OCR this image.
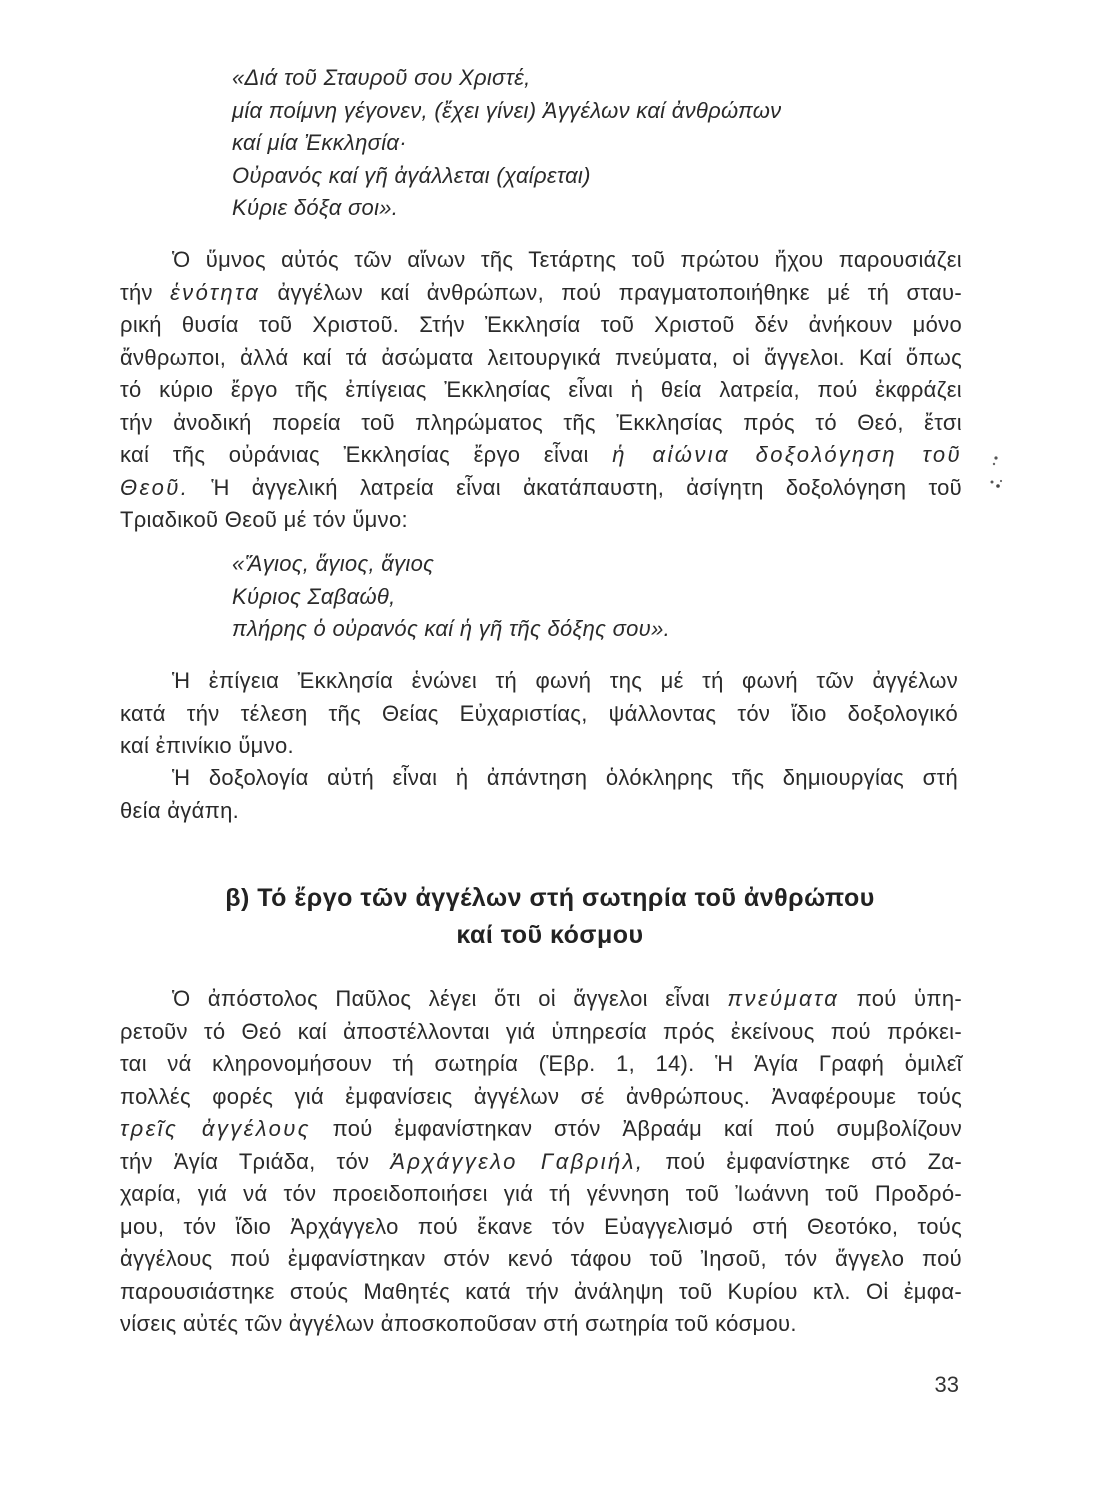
«Διά τοῦ Σταυροῦ σου Χριστέ,
μία ποίμνη γέγονεν, (ἔχει γίνει) Ἀγγέλων καί ἀνθρώπων
καί μία Ἐκκλησία·
Οὐρανός καί γῆ ἀγάλλεται (χαίρεται)
Κύριε δόξα σοι».
Ὁ ὕμνος αὐτός τῶν αἴνων τῆς Τετάρτης τοῦ πρώτου ἤχου παρουσιάζει
τήν ἑνότητα ἀγγέλων καί ἀνθρώπων, πού πραγματοποιήθηκε μέ τή σταυ-
ρική θυσία τοῦ Χριστοῦ. Στήν Ἐκκλησία τοῦ Χριστοῦ δέν ἀνήκουν μόνο
ἄνθρωποι, ἀλλά καί τά ἀσώματα λειτουργικά πνεύματα, οἱ ἄγγελοι. Καί ὅπως
τό κύριο ἔργο τῆς ἐπίγειας Ἐκκλησίας εἶναι ἡ θεία λατρεία, πού ἐκφράζει
τήν ἀνοδική πορεία τοῦ πληρώματος τῆς Ἐκκλησίας πρός τό Θεό, ἔτσι
καί τῆς οὐράνιας Ἐκκλησίας ἔργο εἶναι ἡ αἰώνια δοξολόγηση τοῦ
Θεοῦ. Ἡ ἀγγελική λατρεία εἶναι ἀκατάπαυστη, ἀσίγητη δοξολόγηση τοῦ
Τριαδικοῦ Θεοῦ μέ τόν ὕμνο:
«Ἅγιος, ἅγιος, ἅγιος
Κύριος Σαβαώθ,
πλήρης ὁ οὐρανός καί ἡ γῆ τῆς δόξης σου».
Ἡ ἐπίγεια Ἐκκλησία ἑνώνει τή φωνή της μέ τή φωνή τῶν ἀγγέλων
κατά τήν τέλεση τῆς Θείας Εὐχαριστίας, ψάλλοντας τόν ἴδιο δοξολογικό
καί ἐπινίκιο ὕμνο.
Ἡ δοξολογία αὐτή εἶναι ἡ ἀπάντηση ὁλόκληρης τῆς δημιουργίας στή
θεία ἀγάπη.
β) Τό ἔργο τῶν ἀγγέλων στή σωτηρία τοῦ ἀνθρώπου
καί τοῦ κόσμου
Ὁ ἀπόστολος Παῦλος λέγει ὅτι οἱ ἄγγελοι εἶναι πνεύματα πού ὑπη-
ρετοῦν τό Θεό καί ἀποστέλλονται γιά ὑπηρεσία πρός ἐκείνους πού πρόκει-
ται νά κληρονομήσουν τή σωτηρία (Ἑβρ. 1, 14). Ἡ Ἁγία Γραφή ὁμιλεῖ
πολλές φορές γιά ἐμφανίσεις ἀγγέλων σέ ἀνθρώπους. Ἀναφέρουμε τούς
τρεῖς ἀγγέλους πού ἐμφανίστηκαν στόν Ἀβραάμ καί πού συμβολίζουν
τήν Ἁγία Τριάδα, τόν Ἀρχάγγελο Γαβριήλ, πού ἐμφανίστηκε στό Ζα-
χαρία, γιά νά τόν προειδοποιήσει γιά τή γέννηση τοῦ Ἰωάννη τοῦ Προδρό-
μου, τόν ἴδιο Ἀρχάγγελο πού ἔκανε τόν Εὐαγγελισμό στή Θεοτόκο, τούς
ἀγγέλους πού ἐμφανίστηκαν στόν κενό τάφου τοῦ Ἰησοῦ, τόν ἄγγελο πού
παρουσιάστηκε στούς Μαθητές κατά τήν ἀνάληψη τοῦ Κυρίου κτλ. Οἱ ἐμφα-
νίσεις αὐτές τῶν ἀγγέλων ἀποσκοποῦσαν στή σωτηρία τοῦ κόσμου.
33
